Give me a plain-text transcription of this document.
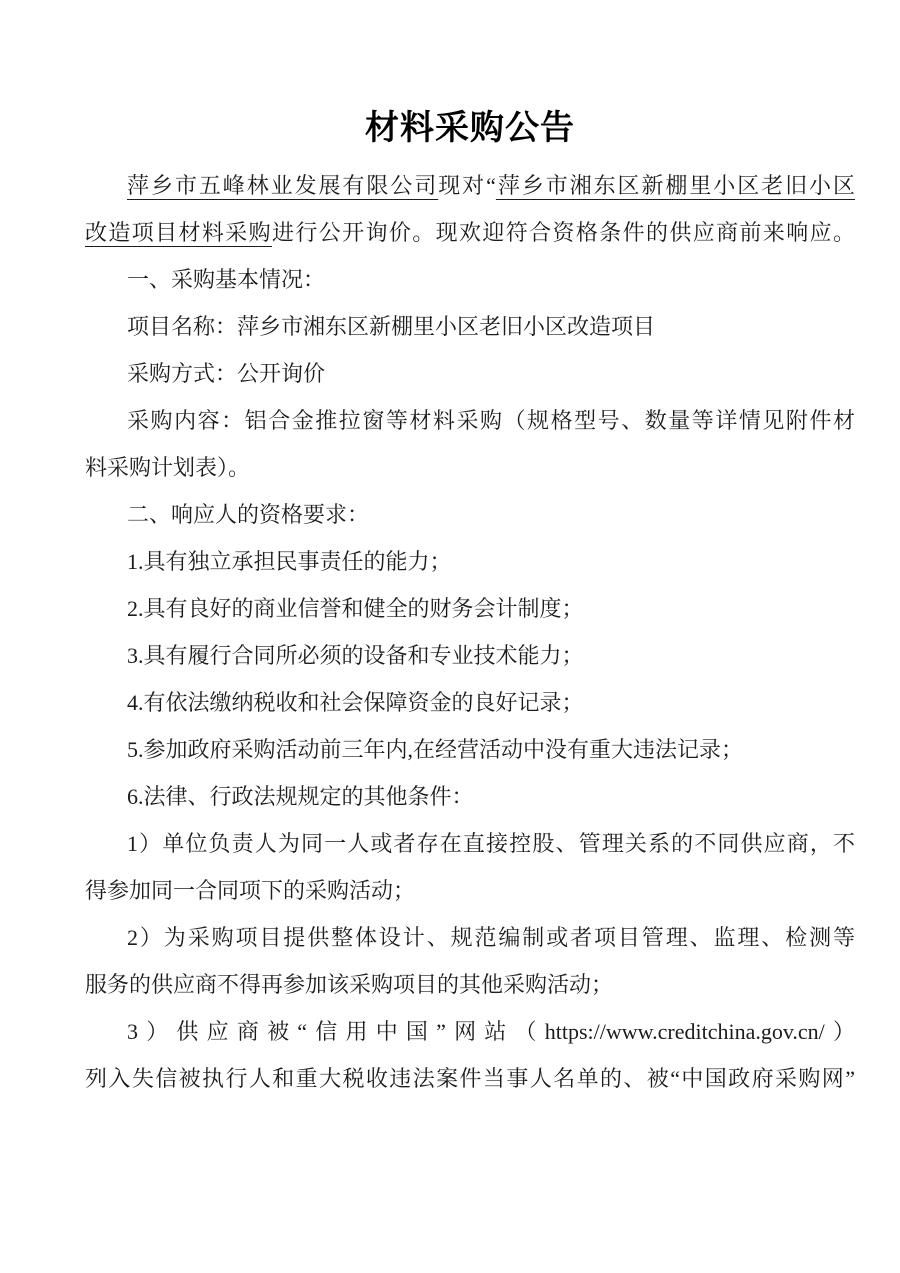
材料采购公告
萍乡市五峰林业发展有限公司现对“萍乡市湘东区新棚里小区老旧小区
改造项目材料采购进行公开询价。现欢迎符合资格条件的供应商前来响应。
一、采购基本情况：
项目名称：萍乡市湘东区新棚里小区老旧小区改造项目
采购方式：公开询价
采购内容：铝合金推拉窗等材料采购（规格型号、数量等详情见附件材
料采购计划表）。
二、响应人的资格要求：
1.具有独立承担民事责任的能力；
2.具有良好的商业信誉和健全的财务会计制度；
3.具有履行合同所必须的设备和专业技术能力；
4.有依法缴纳税收和社会保障资金的良好记录；
5.参加政府采购活动前三年内,在经营活动中没有重大违法记录；
6.法律、行政法规规定的其他条件：
1）单位负责人为同一人或者存在直接控股、管理关系的不同供应商，不
得参加同一合同项下的采购活动；
2）为采购项目提供整体设计、规范编制或者项目管理、监理、检测等
服务的供应商不得再参加该采购项目的其他采购活动；
3）供应商被“信用中国”网站（https://www.creditchina.gov.cn/）
列入失信被执行人和重大税收违法案件当事人名单的、被“中国政府采购网”
